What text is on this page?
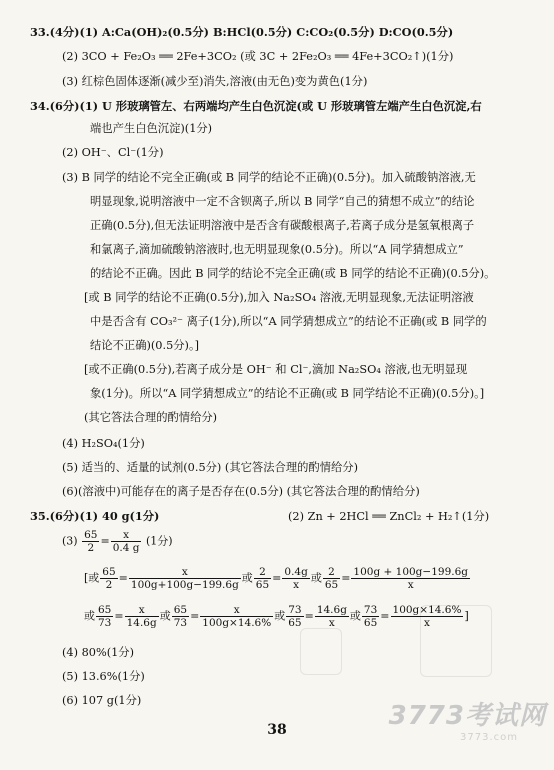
33.(4分)(1) A:Ca(OH)₂(0.5分) B:HCl(0.5分) C:CO₂(0.5分) D:CO(0.5分)
(2) 3CO + Fe₂O₃ ══ 2Fe+3CO₂ (或 3C + 2Fe₂O₃ ══ 4Fe+3CO₂↑)(1分)
(3) 红棕色固体逐渐(减少至)消失,溶液(由无色)变为黄色(1分)
34.(6分)(1) U 形玻璃管左、右两端均产生白色沉淀(或 U 形玻璃管左端产生白色沉淀,右
端也产生白色沉淀)(1分)
(2) OH⁻、Cl⁻(1分)
(3) B 同学的结论不完全正确(或 B 同学的结论不正确)(0.5分)。加入硫酸钠溶液,无
明显现象,说明溶液中一定不含钡离子,所以 B 同学“自己的猜想不成立”的结论
正确(0.5分),但无法证明溶液中是否含有碳酸根离子,若离子成分是氢氧根离子
和氯离子,滴加硫酸钠溶液时,也无明显现象(0.5分)。所以“A 同学猜想成立”
的结论不正确。因此 B 同学的结论不完全正确(或 B 同学的结论不正确)(0.5分)。
[或 B 同学的结论不正确(0.5分),加入 Na₂SO₄ 溶液,无明显现象,无法证明溶液
中是否含有 CO₃²⁻ 离子(1分),所以“A 同学猜想成立”的结论不正确(或 B 同学的
结论不正确)(0.5分)。]
[或不正确(0.5分),若离子成分是 OH⁻ 和 Cl⁻,滴加 Na₂SO₄ 溶液,也无明显现
象(1分)。所以“A 同学猜想成立”的结论不正确(或 B 同学结论不正确)(0.5分)。]
(其它答法合理的酌情给分)
(4) H₂SO₄(1分)
(5) 适当的、适量的试剂(0.5分) (其它答法合理的酌情给分)
(6)(溶液中)可能存在的离子是否存在(0.5分) (其它答法合理的酌情给分)
35.(6分)(1) 40 g(1分)	(2) Zn + 2HCl ══ ZnCl₂ + H₂↑(1分)
$(3) \frac{65}{2} = \frac{x}{0.4 g} (1$分)
[或 $\frac{65}{2} = \frac{x}{100g+100g-199.6g}$ 或 $\frac{2}{65} = \frac{0.4g}{x}$ 或 $\frac{2}{65} = \frac{100g + 100g-199.6g}{x}$
或 $\frac{65}{73} = \frac{x}{14.6g}$ 或 $\frac{65}{73} = \frac{x}{100g\times 14.6\%}$ 或 $\frac{73}{65} = \frac{14.6g}{x}$ 或 $\frac{73}{65} = \frac{100g\times 14.6\%}{x}$ ]
(4) 80%(1分)
(5) 13.6%(1分)
(6) 107 g(1分)
38	3773考试网
3773.com
